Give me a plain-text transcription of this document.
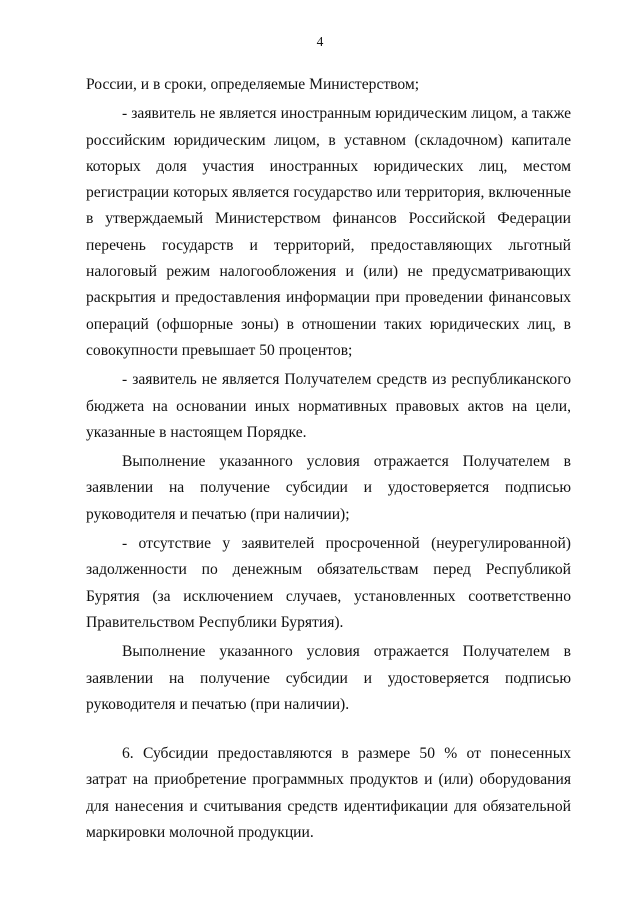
4

России, и в сроки, определяемые Министерством;

- заявитель не является иностранным юридическим лицом, а также российским юридическим лицом, в уставном (складочном) капитале которых доля участия иностранных юридических лиц, местом регистрации которых является государство или территория, включенные в утверждаемый Министерством финансов Российской Федерации перечень государств и территорий, предоставляющих льготный налоговый режим налогообложения и (или) не предусматривающих раскрытия и предоставления информации при проведении финансовых операций (офшорные зоны) в отношении таких юридических лиц, в совокупности превышает 50 процентов;

- заявитель не является Получателем средств из республиканского бюджета на основании иных нормативных правовых актов на цели, указанные в настоящем Порядке.

Выполнение указанного условия отражается Получателем в заявлении на получение субсидии и удостоверяется подписью руководителя и печатью (при наличии);

- отсутствие у заявителей просроченной (неурегулированной) задолженности по денежным обязательствам перед Республикой Бурятия (за исключением случаев, установленных соответственно Правительством Республики Бурятия).

Выполнение указанного условия отражается Получателем в заявлении на получение субсидии и удостоверяется подписью руководителя и печатью (при наличии).

6. Субсидии предоставляются в размере 50 % от понесенных затрат на приобретение программных продуктов и (или) оборудования для нанесения и считывания средств идентификации для обязательной маркировки молочной продукции.
